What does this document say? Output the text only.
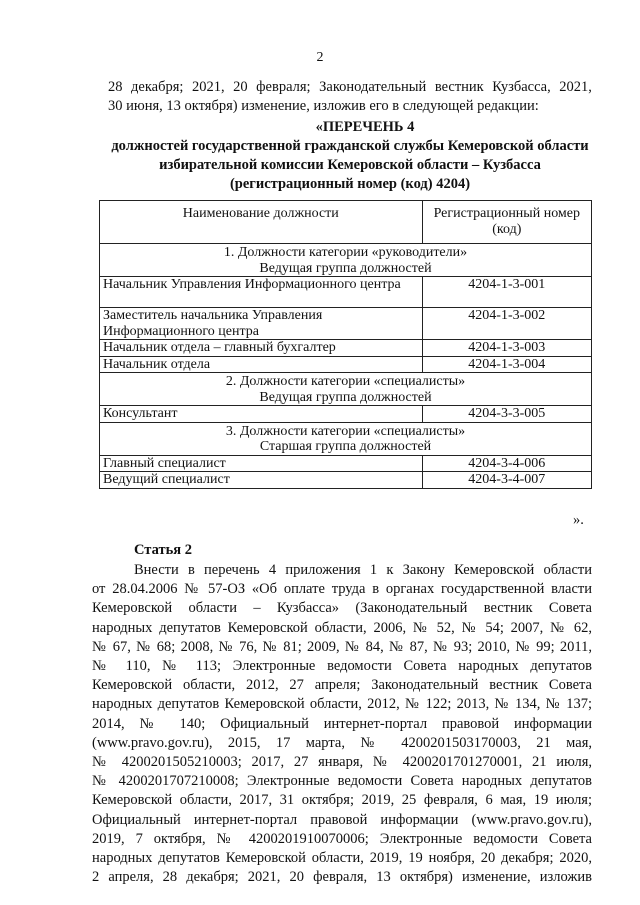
2
28 декабря; 2021, 20 февраля; Законодательный вестник Кузбасса, 2021,
30 июня, 13 октября) изменение, изложив его в следующей редакции:
«ПЕРЕЧЕНЬ 4
должностей государственной гражданской службы Кемеровской области
избирательной комиссии Кемеровской области – Кузбасса
(регистрационный номер (код) 4204)
Наименование должности	Регистрационный номер (код)

1. Должности категории «руководители»
Ведущая группа должностей	

Начальник Управления Информационного центра	4204-1-3-001
Заместитель начальника Управления Информационного центра	4204-1-3-002
Начальник отдела – главный бухгалтер	4204-1-3-003
Начальник отдела	4204-1-3-004

2. Должности категории «специалисты»
Ведущая группа должностей	

Консультант	4204-3-3-005

3. Должности категории «специалисты»
Старшая группа должностей	

Главный специалист	4204-3-4-006
Ведущий специалист	4204-3-4-007
».
Статья 2
Внести в перечень 4 приложения 1 к Закону Кемеровской области
от 28.04.2006 № 57-ОЗ «Об оплате труда в органах государственной власти
Кемеровской области – Кузбасса» (Законодательный вестник Совета
народных депутатов Кемеровской области, 2006, № 52, № 54; 2007, № 62,
№ 67, № 68; 2008, № 76, № 81; 2009, № 84, № 87, № 93; 2010, № 99; 2011,
№ 110, № 113; Электронные ведомости Совета народных депутатов
Кемеровской области, 2012, 27 апреля; Законодательный вестник Совета
народных депутатов Кемеровской области, 2012, № 122; 2013, № 134, № 137;
2014, № 140; Официальный интернет-портал правовой информации
(www.pravo.gov.ru), 2015, 17 марта, № 4200201503170003, 21 мая,
№ 4200201505210003; 2017, 27 января, № 4200201701270001, 21 июля,
№ 4200201707210008; Электронные ведомости Совета народных депутатов
Кемеровской области, 2017, 31 октября; 2019, 25 февраля, 6 мая, 19 июля;
Официальный интернет-портал правовой информации (www.pravo.gov.ru),
2019, 7 октября, № 4200201910070006; Электронные ведомости Совета
народных депутатов Кемеровской области, 2019, 19 ноября, 20 декабря; 2020,
2 апреля, 28 декабря; 2021, 20 февраля, 13 октября) изменение, изложив
